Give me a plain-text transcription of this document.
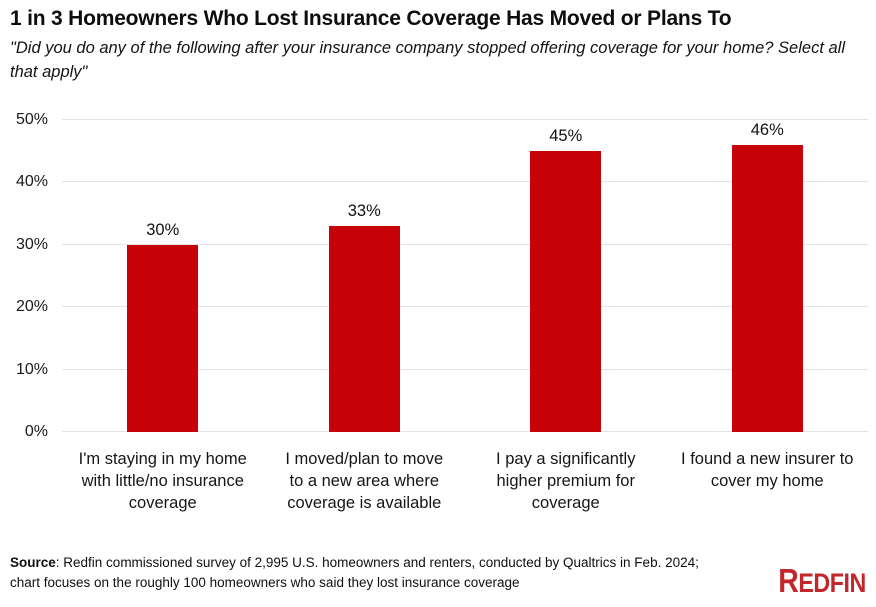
1 in 3 Homeowners Who Lost Insurance Coverage Has Moved or Plans To
"Did you do any of the following after your insurance company stopped offering coverage for your home? Select all that apply"
0%
10%
20%
30%
40%
50%
30%
33%
45%	46%
I'm staying in my home with little/no insurance coverage
I moved/plan to move to a new area where coverage is available
I pay a significantly higher premium for coverage
I found a new insurer to cover my home
Source: Redfin commissioned survey of 2,995 U.S. homeowners and renters, conducted by Qualtrics in Feb. 2024; chart focuses on the roughly 100 homeowners who said they lost insurance coverage	REDFIN
